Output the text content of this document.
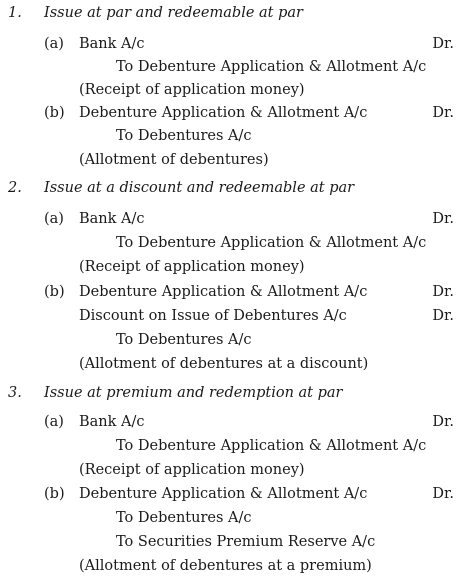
1. Issue at par and redeemable at par
(a) Bank A/c	Dr.
To Debenture Application & Allotment A/c
(Receipt of application money)
(b) Debenture Application & Allotment A/c	Dr.
To Debentures A/c
(Allotment of debentures)
2. Issue at a discount and redeemable at par
(a) Bank A/c	Dr.
To Debenture Application & Allotment A/c
(Receipt of application money)
(b) Debenture Application & Allotment A/c	Dr.
Discount on Issue of Debentures A/c	Dr.
To Debentures A/c
(Allotment of debentures at a discount)
3. Issue at premium and redemption at par
(a) Bank A/c	Dr.
To Debenture Application & Allotment A/c
(Receipt of application money)
(b) Debenture Application & Allotment A/c	Dr.
To Debentures A/c
To Securities Premium Reserve A/c
(Allotment of debentures at a premium)
